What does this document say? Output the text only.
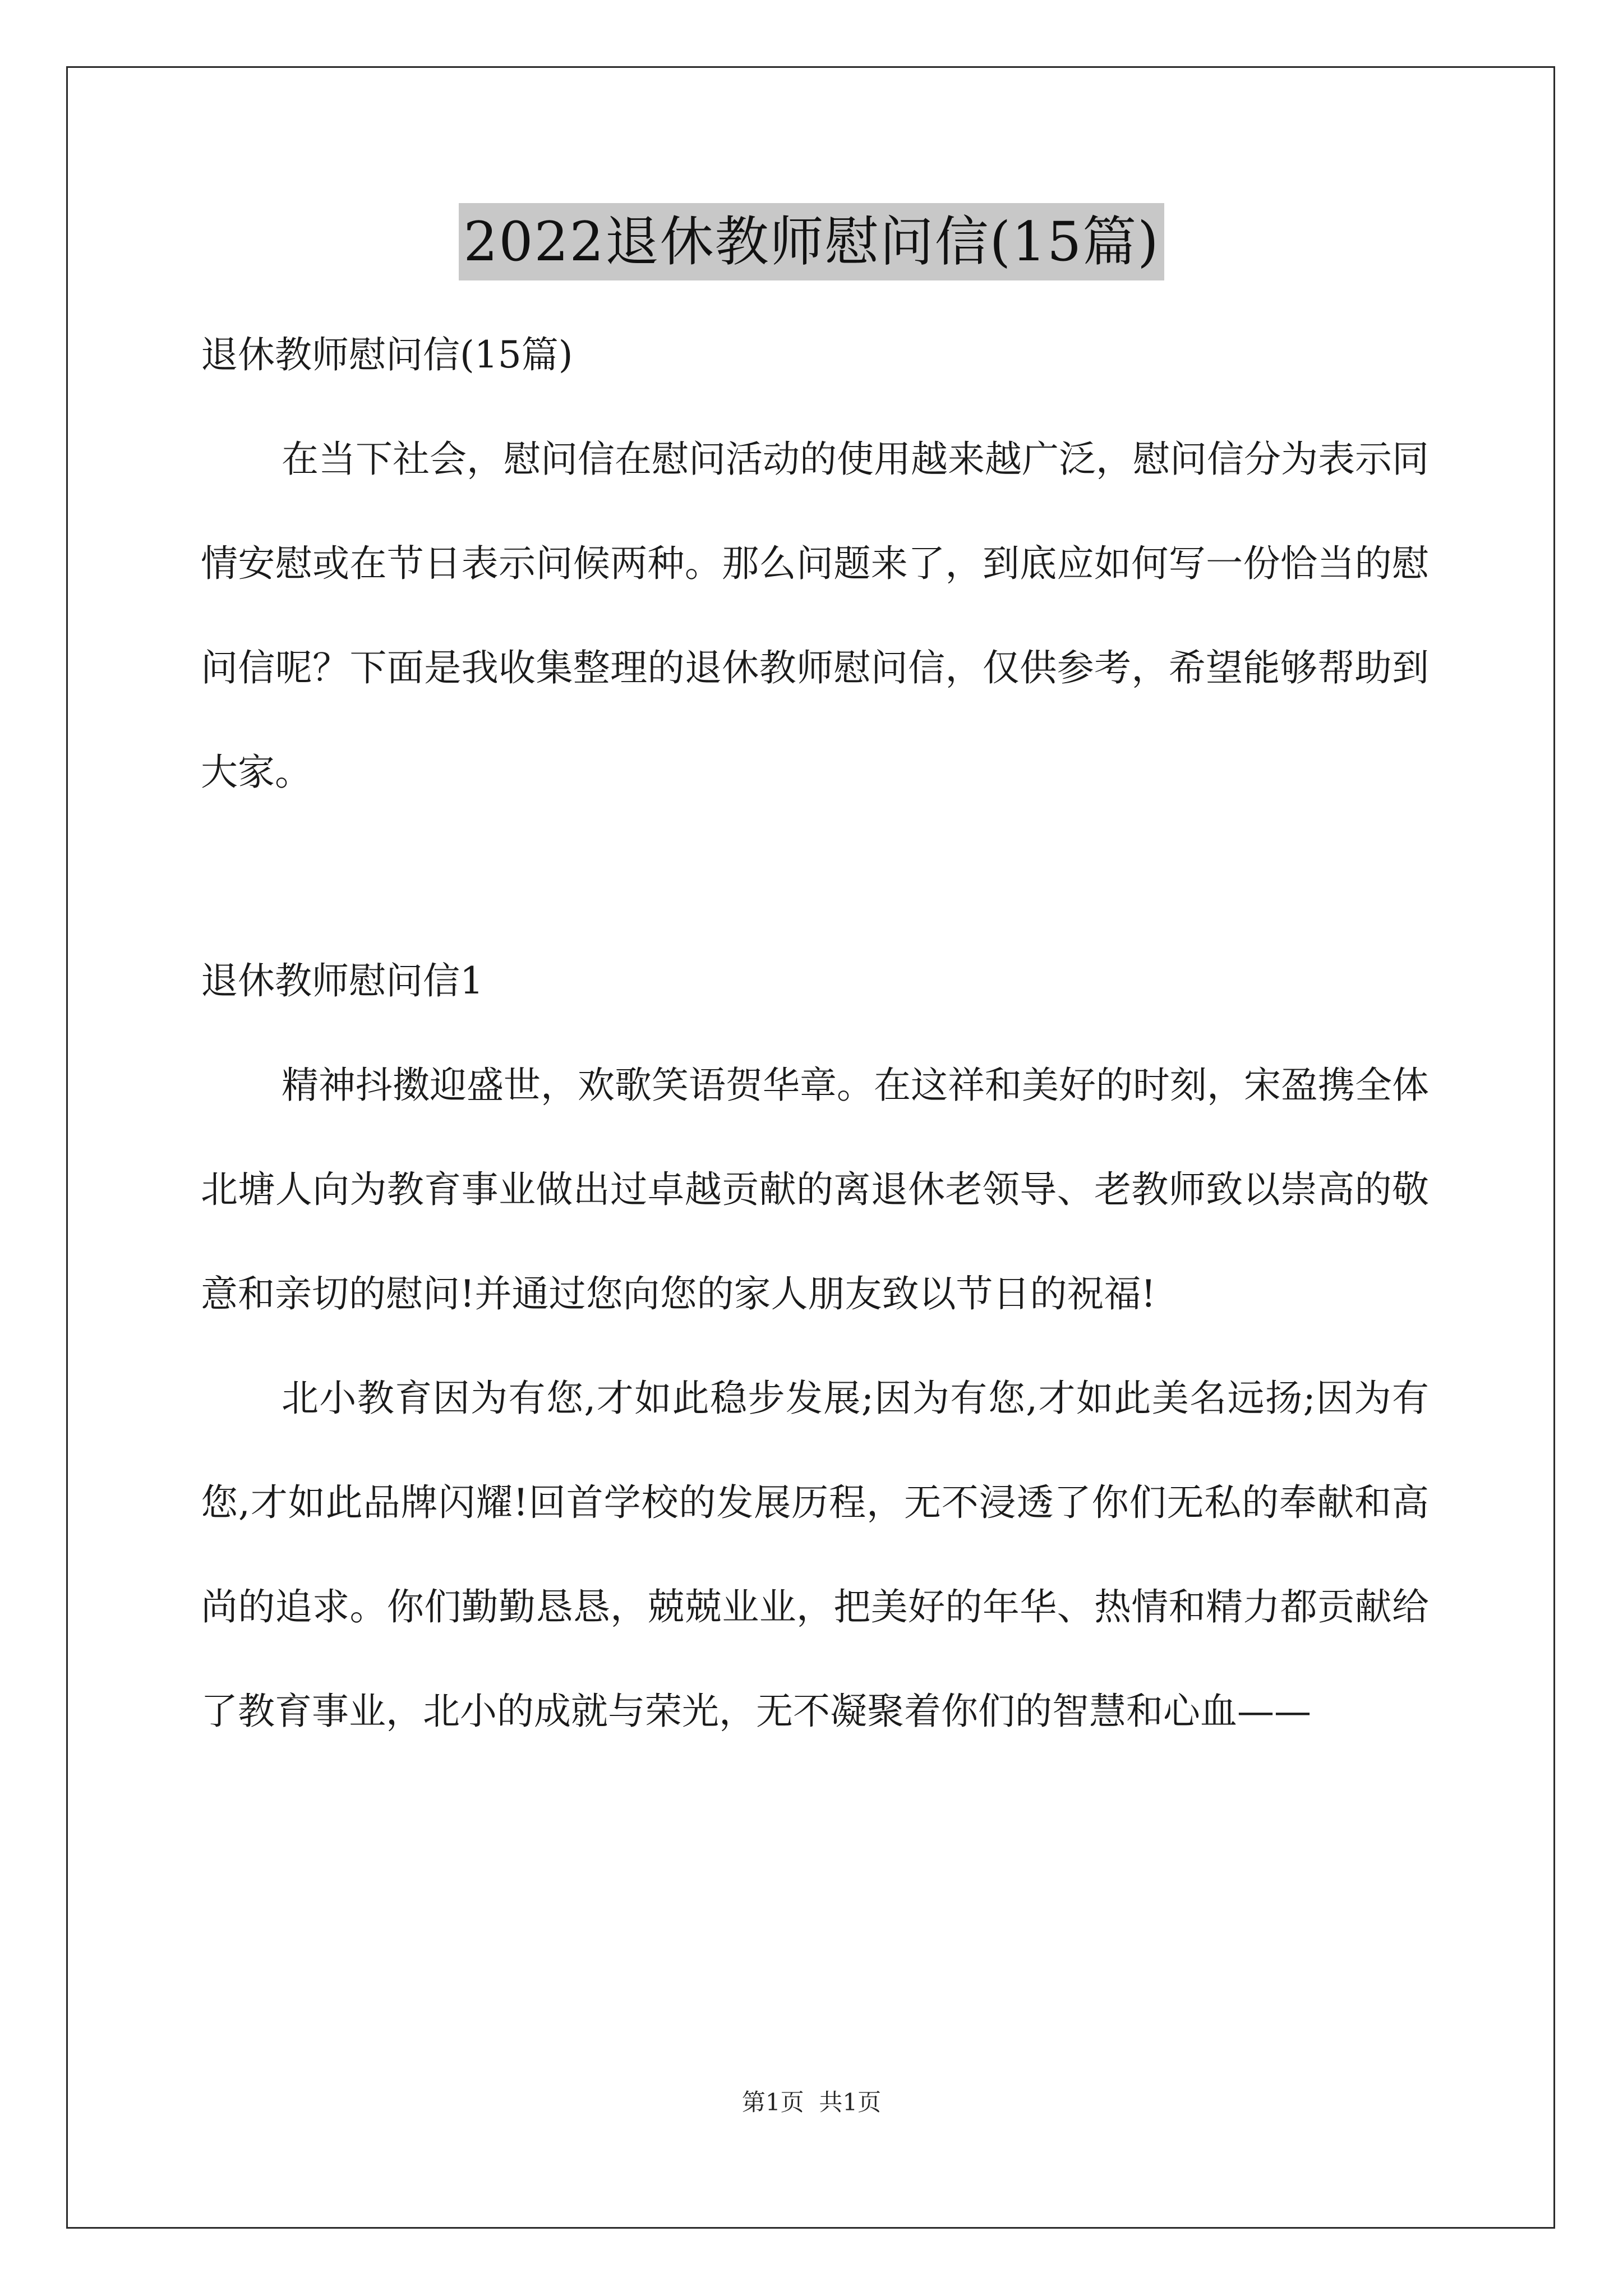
2022退休教师慰问信(15篇)

退休教师慰问信(15篇)

在当下社会，慰问信在慰问活动的使用越来越广泛，慰问信分为表示同情安慰或在节日表示问候两种。那么问题来了，到底应如何写一份恰当的慰问信呢？下面是我收集整理的退休教师慰问信，仅供参考，希望能够帮助到大家。

退休教师慰问信1

精神抖擞迎盛世，欢歌笑语贺华章。在这祥和美好的时刻，宋盈携全体北塘人向为教育事业做出过卓越贡献的离退休老领导、老教师致以崇高的敬意和亲切的慰问!并通过您向您的家人朋友致以节日的祝福!

北小教育因为有您,才如此稳步发展;因为有您,才如此美名远扬;因为有您,才如此品牌闪耀!回首学校的发展历程，无不浸透了你们无私的奉献和高尚的追求。你们勤勤恳恳，兢兢业业，把美好的年华、热情和精力都贡献给了教育事业，北小的成就与荣光，无不凝聚着你们的智慧和心血——

第1页  共1页
